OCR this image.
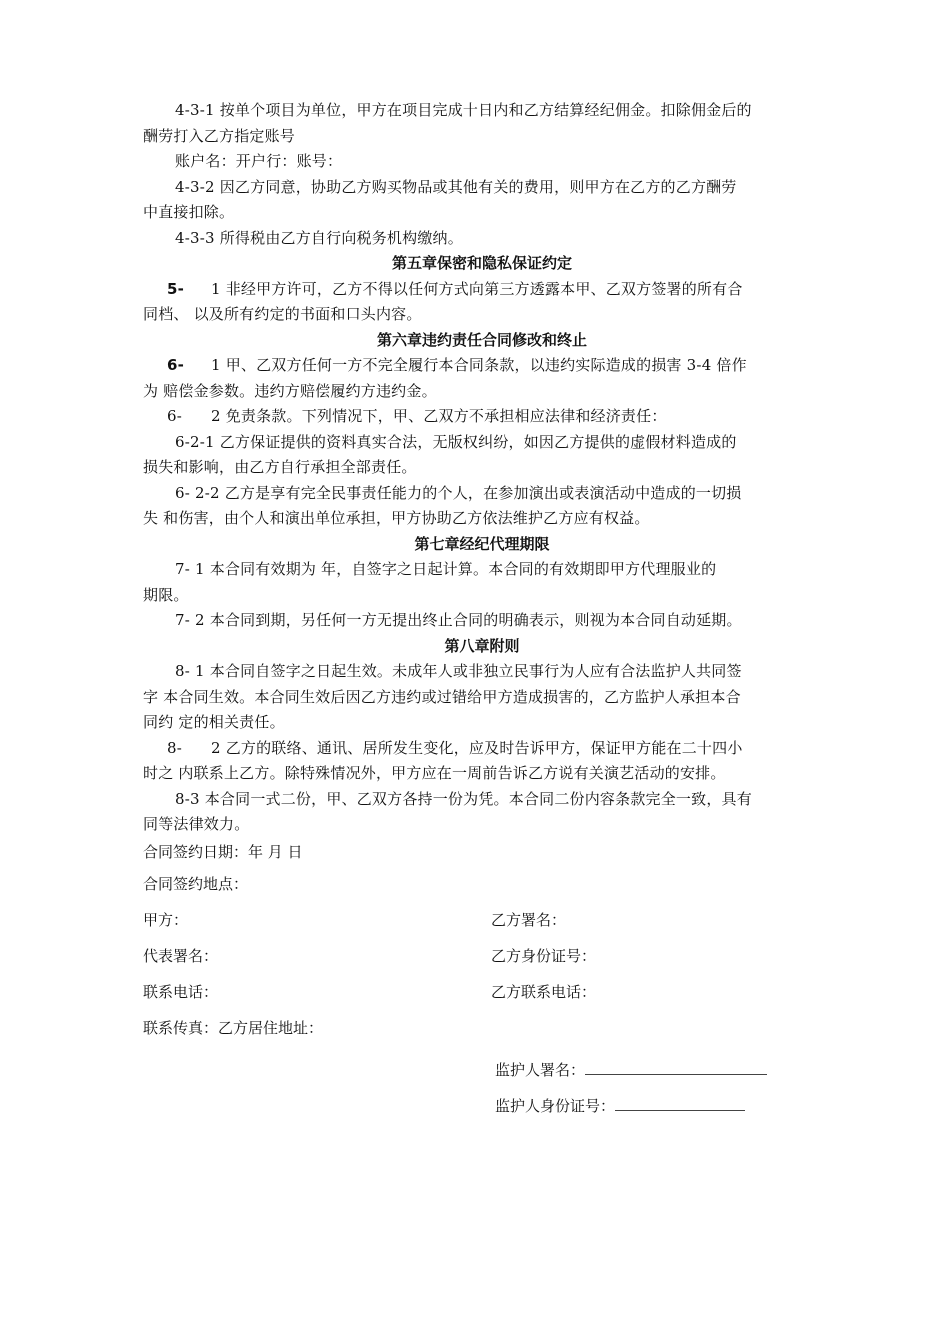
4-3-1 按单个项目为单位，甲方在项目完成十日内和乙方结算经纪佣金。扣除佣金后的

酬劳打入乙方指定账号

账户名：开户行：账号：

4-3-2 因乙方同意，协助乙方购买物品或其他有关的费用，则甲方在乙方的乙方酬劳

中直接扣除。

4-3-3 所得税由乙方自行向税务机构缴纳。

第五章保密和隐私保证约定

5- 1 非经甲方许可，乙方不得以任何方式向第三方透露本甲、乙双方签署的所有合

同档、 以及所有约定的书面和口头内容。

第六章违约责任合同修改和终止

6- 1 甲、乙双方任何一方不完全履行本合同条款，以违约实际造成的损害 3-4 倍作

为 赔偿金参数。违约方赔偿履约方违约金。

6- 2 免责条款。下列情况下，甲、乙双方不承担相应法律和经济责任：

6-2-1 乙方保证提供的资料真实合法，无版权纠纷，如因乙方提供的虚假材料造成的

损失和影响，由乙方自行承担全部责任。

6- 2-2 乙方是享有完全民事责任能力的个人，在参加演出或表演活动中造成的一切损

失 和伤害，由个人和演出单位承担，甲方协助乙方依法维护乙方应有权益。

第七章经纪代理期限

7- 1 本合同有效期为 年，自签字之日起计算。本合同的有效期即甲方代理服业的

期限。

7- 2 本合同到期，另任何一方无提出终止合同的明确表示，则视为本合同自动延期。

第八章附则

8- 1 本合同自签字之日起生效。未成年人或非独立民事行为人应有合法监护人共同签

字 本合同生效。本合同生效后因乙方违约或过错给甲方造成损害的，乙方监护人承担本合

同约 定的相关责任。

8- 2 乙方的联络、通讯、居所发生变化，应及时告诉甲方，保证甲方能在二十四小

时之 内联系上乙方。除特殊情况外，甲方应在一周前告诉乙方说有关演艺活动的安排。

8-3 本合同一式二份，甲、乙双方各持一份为凭。本合同二份内容条款完全一致，具有

同等法律效力。

合同签约日期：年 月 日

合同签约地点：

甲方：	乙方署名：
代表署名：	乙方身份证号：
联系电话：	乙方联系电话：
联系传真：乙方居住地址：
监护人署名：
监护人身份证号：
